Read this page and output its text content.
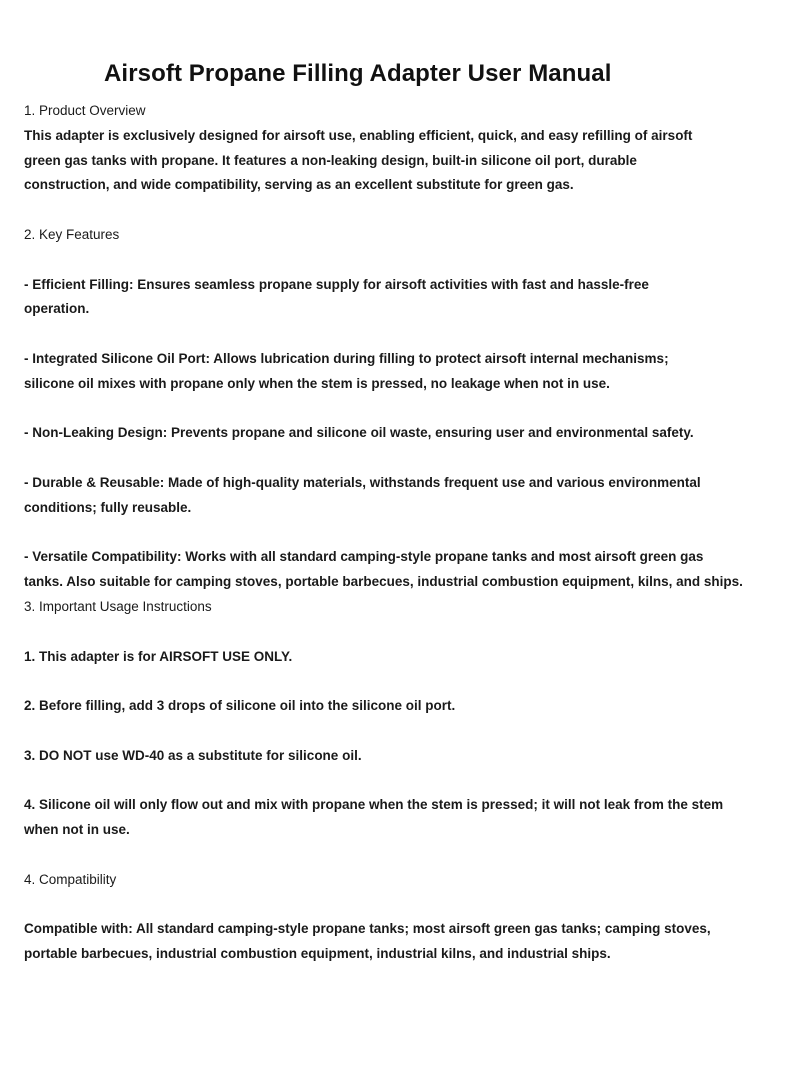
Airsoft Propane Filling Adapter User Manual
1. Product Overview
This adapter is exclusively designed for airsoft use, enabling efficient, quick, and easy refilling of airsoft
green gas tanks with propane. It features a non-leaking design, built-in silicone oil port, durable
construction, and wide compatibility, serving as an excellent substitute for green gas.
2. Key Features
- Efficient Filling: Ensures seamless propane supply for airsoft activities with fast and hassle-free
operation.
- Integrated Silicone Oil Port: Allows lubrication during filling to protect airsoft internal mechanisms;
silicone oil mixes with propane only when the stem is pressed, no leakage when not in use.
- Non-Leaking Design: Prevents propane and silicone oil waste, ensuring user and environmental safety.
- Durable & Reusable: Made of high-quality materials, withstands frequent use and various environmental
conditions; fully reusable.
- Versatile Compatibility: Works with all standard camping-style propane tanks and most airsoft green gas
tanks. Also suitable for camping stoves, portable barbecues, industrial combustion equipment, kilns, and ships.
3. Important Usage Instructions
1. This adapter is for AIRSOFT USE ONLY.
2. Before filling, add 3 drops of silicone oil into the silicone oil port.
3. DO NOT use WD-40 as a substitute for silicone oil.
4. Silicone oil will only flow out and mix with propane when the stem is pressed; it will not leak from the stem
when not in use.
4. Compatibility
Compatible with: All standard camping-style propane tanks; most airsoft green gas tanks; camping stoves,
portable barbecues, industrial combustion equipment, industrial kilns, and industrial ships.
